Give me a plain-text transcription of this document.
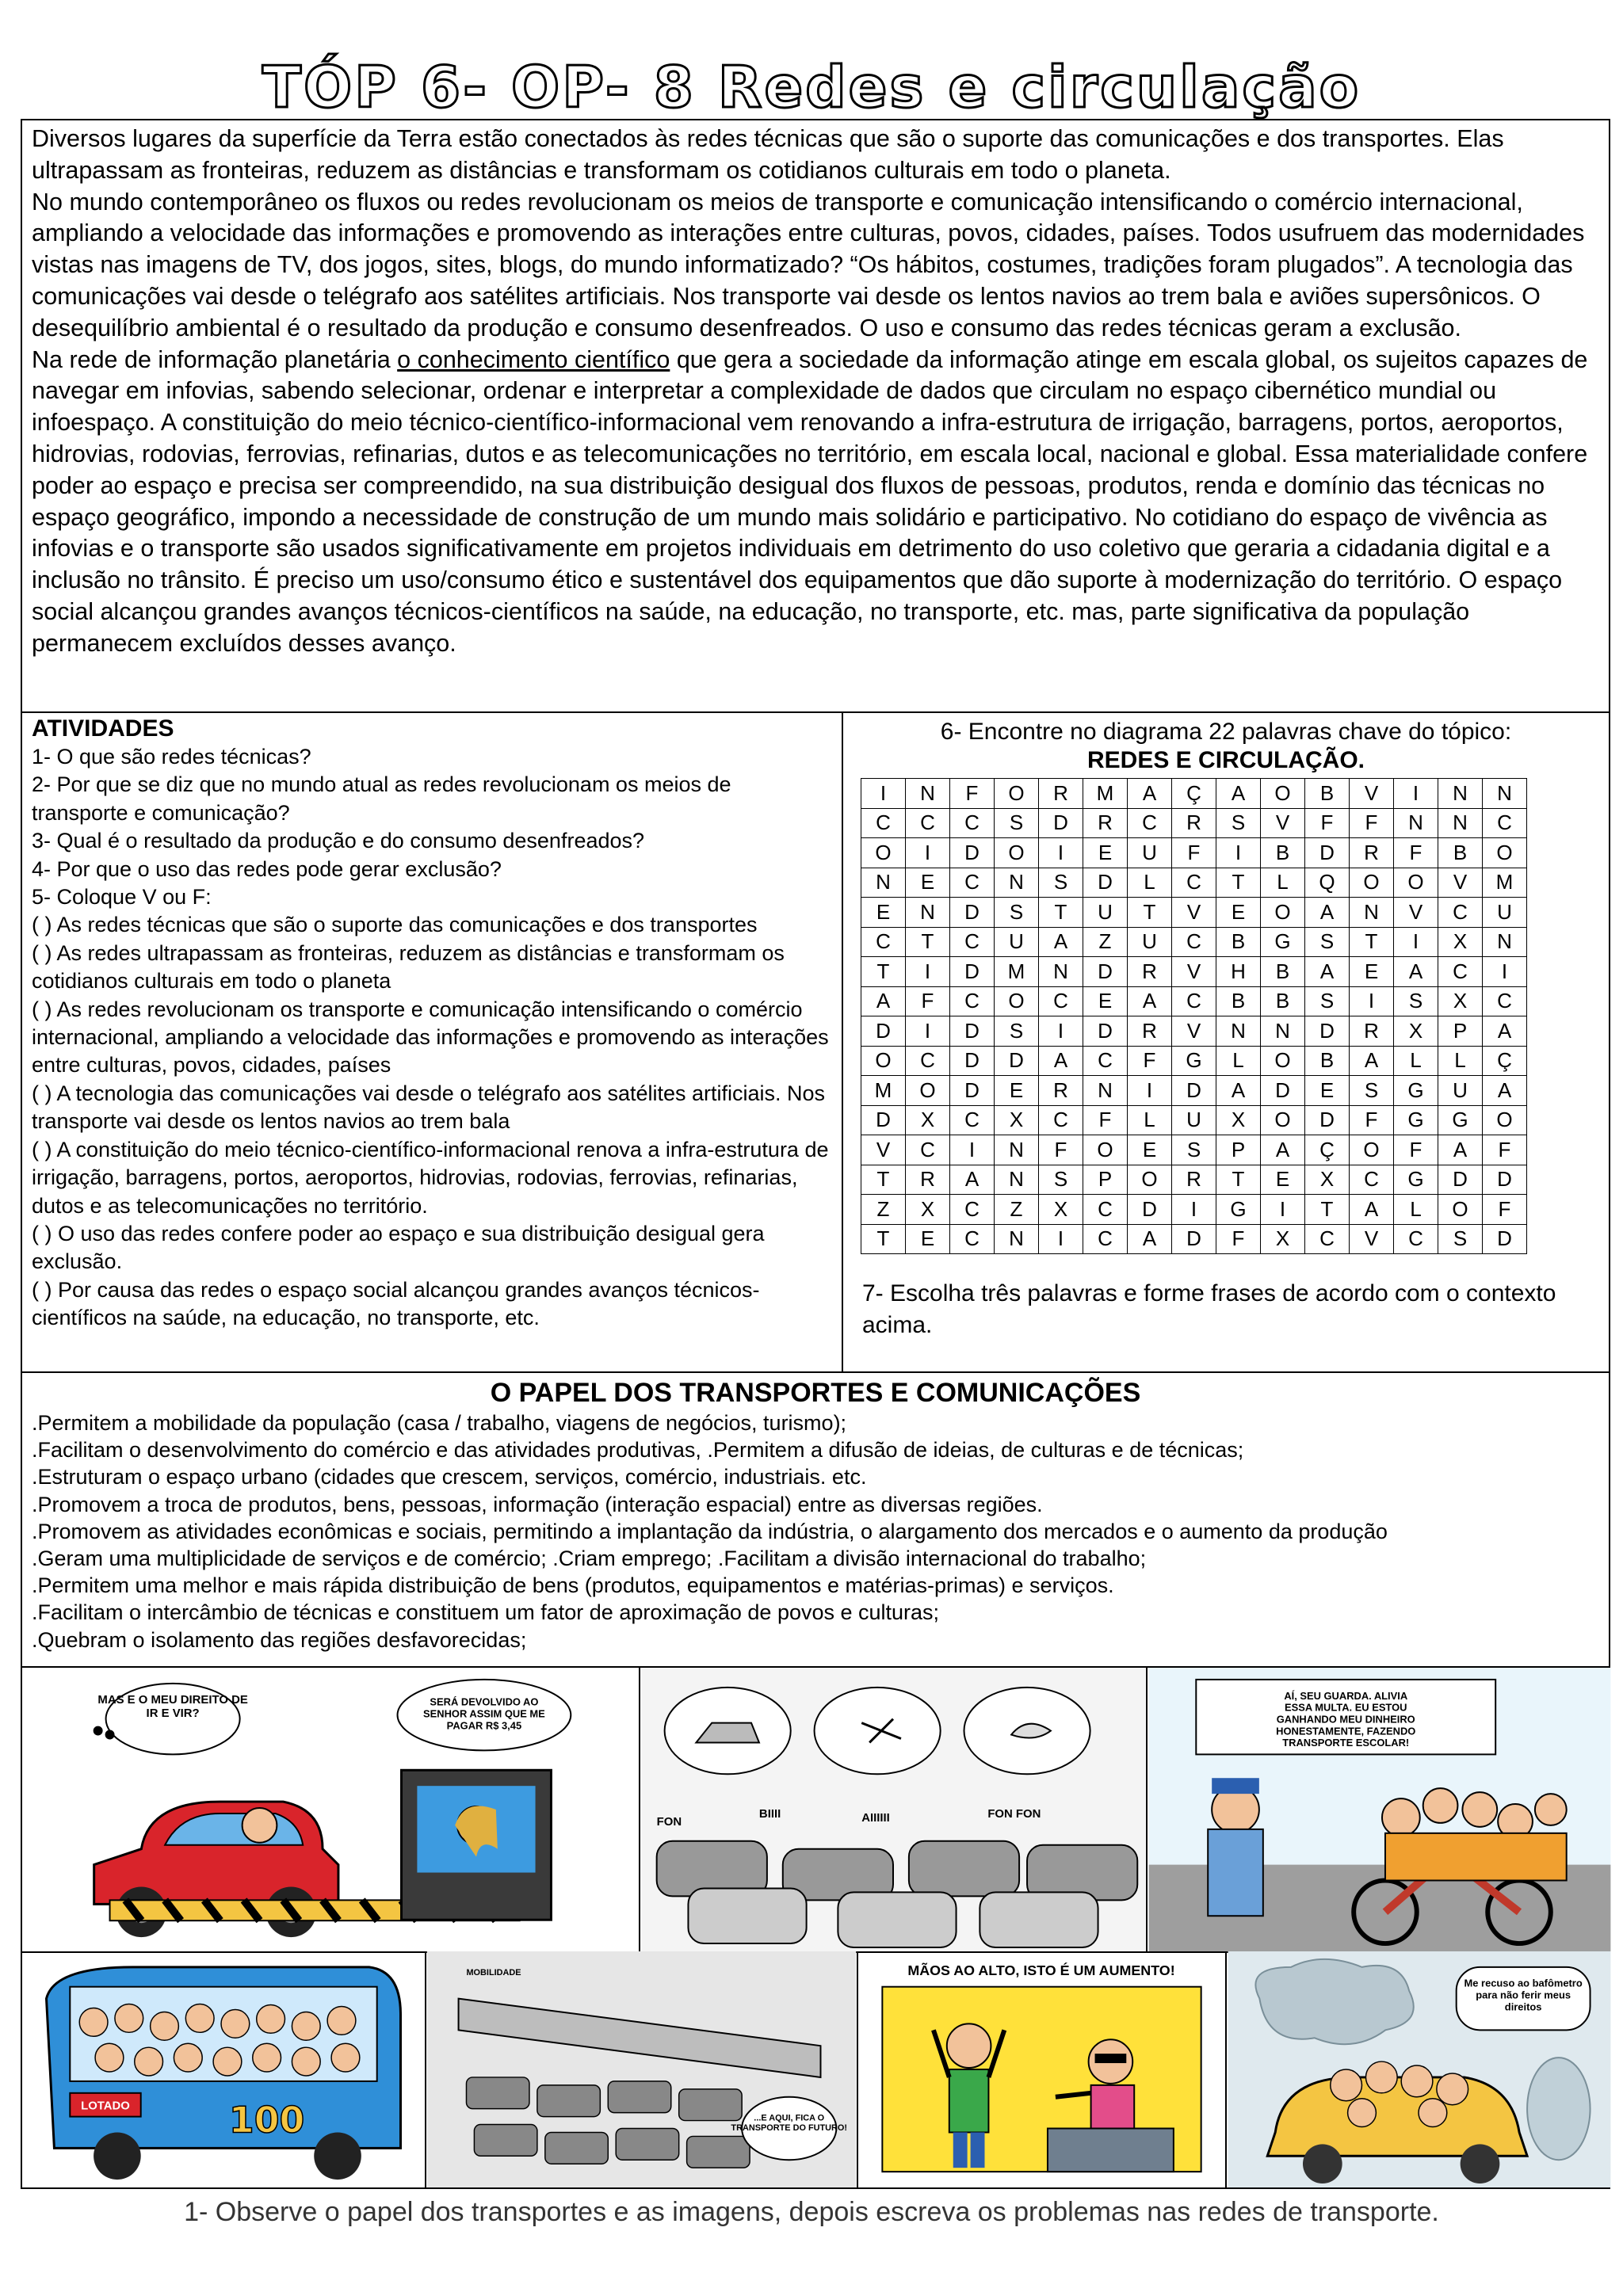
TÓP 6- OP- 8 Redes e circulação

Diversos lugares da superfície da Terra estão conectados às redes técnicas que são o suporte das comunicações e dos transportes. Elas ultrapassam as fronteiras, reduzem as distâncias e transformam os cotidianos culturais em todo o planeta.

No mundo contemporâneo os fluxos ou redes revolucionam os meios de transporte e comunicação intensificando o comércio internacional, ampliando a velocidade das informações e promovendo as interações entre culturas, povos, cidades, países. Todos usufruem das modernidades vistas nas imagens de TV, dos jogos, sites, blogs, do mundo informatizado? “Os hábitos, costumes, tradições foram plugados”. A tecnologia das comunicações vai desde o telégrafo aos satélites artificiais. Nos transporte vai desde os lentos navios ao trem bala e aviões supersônicos. O desequilíbrio ambiental é o resultado da produção e consumo desenfreados. O uso e consumo das redes técnicas geram a exclusão.

Na rede de informação planetária o conhecimento científico que gera a sociedade da informação atinge em escala global, os sujeitos capazes de navegar em infovias, sabendo selecionar, ordenar e interpretar a complexidade de dados que circulam no espaço cibernético mundial ou infoespaço. A constituição do meio técnico-científico-informacional vem renovando a infra-estrutura de irrigação, barragens, portos, aeroportos, hidrovias, rodovias, ferrovias, refinarias, dutos e as telecomunicações no território, em escala local, nacional e global. Essa materialidade confere poder ao espaço e precisa ser compreendido, na sua distribuição desigual dos fluxos de pessoas, produtos, renda e domínio das técnicas no espaço geográfico, impondo a necessidade de construção de um mundo mais solidário e participativo. No cotidiano do espaço de vivência as infovias e o transporte são usados significativamente em projetos individuais em detrimento do uso coletivo que geraria a cidadania digital e a inclusão no trânsito. É preciso um uso/consumo ético e sustentável dos equipamentos que dão suporte à modernização do território. O espaço social alcançou grandes avanços técnicos-científicos na saúde, na educação, no transporte, etc. mas, parte significativa da população permanecem excluídos desses avanço.

ATIVIDADES
1- O que são redes técnicas?
2- Por que se diz que no mundo atual as redes revolucionam os meios de transporte e comunicação?
3- Qual é o resultado da produção e do consumo desenfreados?
4- Por que o uso das redes pode gerar exclusão?
5- Coloque V ou F:
( ) As redes técnicas que são o suporte das comunicações e dos transportes
( ) As redes ultrapassam as fronteiras, reduzem as distâncias e transformam os cotidianos culturais em todo o planeta
( ) As redes revolucionam os transporte e comunicação intensificando o comércio internacional, ampliando a velocidade das informações e promovendo as interações entre culturas, povos, cidades, países
( ) A tecnologia das comunicações vai desde o telégrafo aos satélites artificiais. Nos transporte vai desde os lentos navios ao trem bala
( ) A constituição do meio técnico-científico-informacional renova a infra-estrutura de irrigação, barragens, portos, aeroportos, hidrovias, rodovias, ferrovias, refinarias, dutos e as telecomunicações no território.
( ) O uso das redes confere poder ao espaço e sua distribuição desigual gera exclusão.
( ) Por causa das redes o espaço social alcançou grandes avanços técnicos-científicos na saúde, na educação, no transporte, etc.
6- Encontre no diagrama 22 palavras chave do tópico:
REDES E CIRCULAÇÃO.
I	N	F	O	R	M	A	Ç	A	O	B	V	I	N	N
C	C	C	S	D	R	C	R	S	V	F	F	N	N	C
O	I	D	O	I	E	U	F	I	B	D	R	F	B	O
N	E	C	N	S	D	L	C	T	L	Q	O	O	V	M
E	N	D	S	T	U	T	V	E	O	A	N	V	C	U
C	T	C	U	A	Z	U	C	B	G	S	T	I	X	N
T	I	D	M	N	D	R	V	H	B	A	E	A	C	I
A	F	C	O	C	E	A	C	B	B	S	I	S	X	C
D	I	D	S	I	D	R	V	N	N	D	R	X	P	A
O	C	D	D	A	C	F	G	L	O	B	A	L	L	Ç
M	O	D	E	R	N	I	D	A	D	E	S	G	U	A
D	X	C	X	C	F	L	U	X	O	D	F	G	G	O
V	C	I	N	F	O	E	S	P	A	Ç	O	F	A	F
T	R	A	N	S	P	O	R	T	E	X	C	G	D	D
Z	X	C	Z	X	C	D	I	G	I	T	A	L	O	F
T	E	C	N	I	C	A	D	F	X	C	V	C	S	D
7- Escolha três palavras e forme frases de acordo com o contexto acima.
O PAPEL DOS TRANSPORTES E COMUNICAÇÕES
.Permitem a mobilidade da população (casa / trabalho, viagens de negócios, turismo);
.Facilitam o desenvolvimento do comércio e das atividades produtivas, .Permitem a difusão de ideias, de culturas e de técnicas;
.Estruturam o espaço urbano (cidades que crescem, serviços, comércio, industriais. etc.
.Promovem a troca de produtos, bens, pessoas, informação (interação espacial) entre as diversas regiões.
.Promovem as atividades econômicas e sociais, permitindo a implantação da indústria, o alargamento dos mercados e o aumento da produção
.Geram uma multiplicidade de serviços e de comércio; .Criam emprego; .Facilitam a divisão internacional do trabalho;
.Permitem uma melhor e mais rápida distribuição de bens (produtos, equipamentos e matérias-primas) e serviços.
.Facilitam o intercâmbio de técnicas e constituem um fator de aproximação de povos e culturas;
.Quebram o isolamento das regiões desfavorecidas;
MAS E O MEU DIREITO DE IR E VIR?
SERÁ DEVOLVIDO AO SENHOR ASSIM QUE ME PAGAR R$ 3,45
FON
BIIII	AIIIIII	FON FON
AÍ, SEU GUARDA. ALIVIA ESSA MULTA. EU ESTOU GANHANDO MEU DINHEIRO HONESTAMENTE, FAZENDO TRANSPORTE ESCOLAR!
LOTADO	100
MOBILIDADE
...E AQUI, FICA O TRANSPORTE DO FUTURO!
MÃOS AO ALTO, ISTO É UM AUMENTO!
Me recuso ao bafômetro para não ferir meus direitos
1- Observe o papel dos transportes e as imagens, depois escreva os problemas nas redes de transporte.
